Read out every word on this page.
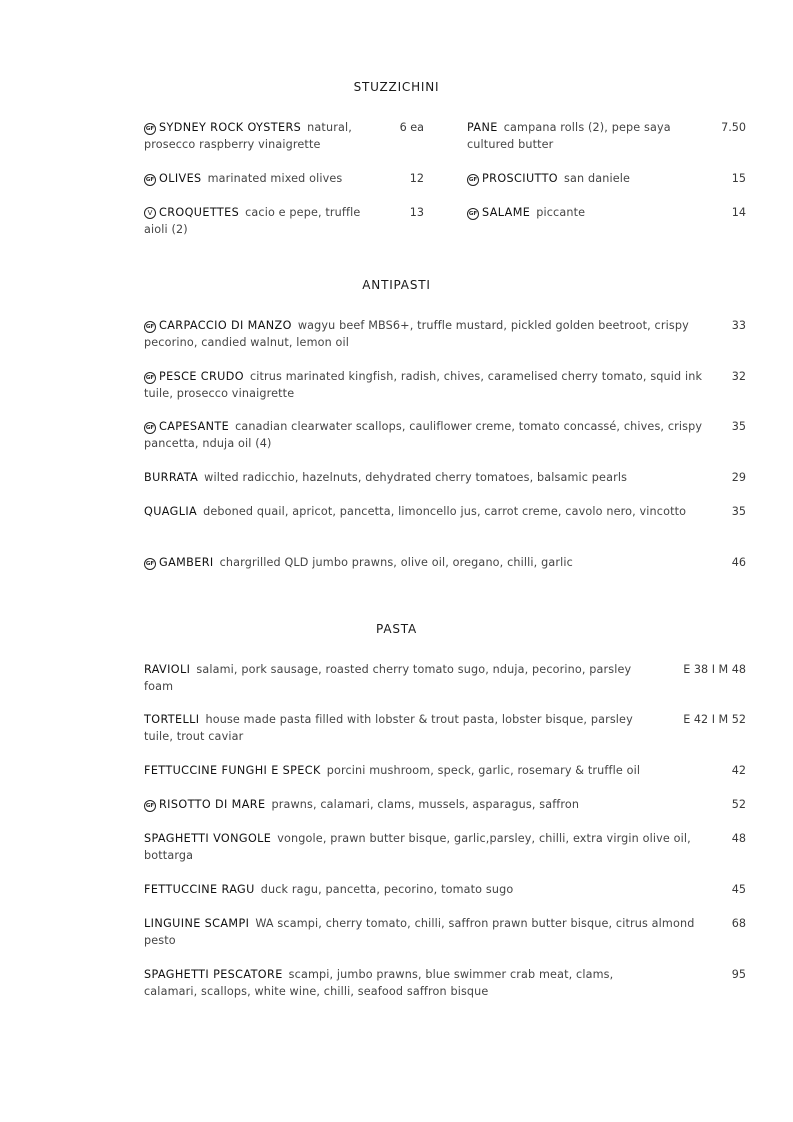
STUZZICHINI
GF SYDNEY ROCK OYSTERS natural, prosecco raspberry vinaigrette
6 ea
GF OLIVES marinated mixed olives	12
V CROQUETTES cacio e pepe, truffle aioli (2)
13
PANE campana rolls (2), pepe saya cultured butter
7.50
GF PROSCIUTTO san daniele	15
GF SALAME piccante	14
ANTIPASTI
GF CARPACCIO DI MANZO wagyu beef MBS6+, truffle mustard, pickled golden beetroot, crispy pecorino, candied walnut, lemon oil
33
GF PESCE CRUDO citrus marinated kingfish, radish, chives, caramelised cherry tomato, squid ink tuile, prosecco vinaigrette
32
GF CAPESANTE canadian clearwater scallops, cauliflower creme, tomato concassé, chives, crispy pancetta, nduja oil (4)
35
BURRATA wilted radicchio, hazelnuts, dehydrated cherry tomatoes, balsamic pearls	29
QUAGLIA deboned quail, apricot, pancetta, limoncello jus, carrot creme, cavolo nero, vincotto	35
GF GAMBERI chargrilled QLD jumbo prawns, olive oil, oregano, chilli, garlic	46
PASTA
RAVIOLI salami, pork sausage, roasted cherry tomato sugo, nduja, pecorino, parsley foam
E 38 I M 48
TORTELLI house made pasta filled with lobster & trout pasta, lobster bisque, parsley tuile, trout caviar
E 42 I M 52
FETTUCCINE FUNGHI E SPECK porcini mushroom, speck, garlic, rosemary & truffle oil	42
GF RISOTTO DI MARE prawns, calamari, clams, mussels, asparagus, saffron	52
SPAGHETTI VONGOLE vongole, prawn butter bisque, garlic,parsley, chilli, extra virgin olive oil, bottarga
48
FETTUCCINE RAGU duck ragu, pancetta, pecorino, tomato sugo	45
LINGUINE SCAMPI WA scampi, cherry tomato, chilli, saffron prawn butter bisque, citrus almond pesto
68
SPAGHETTI PESCATORE scampi, jumbo prawns, blue swimmer crab meat, clams, calamari, scallops, white wine, chilli, seafood saffron bisque
95
